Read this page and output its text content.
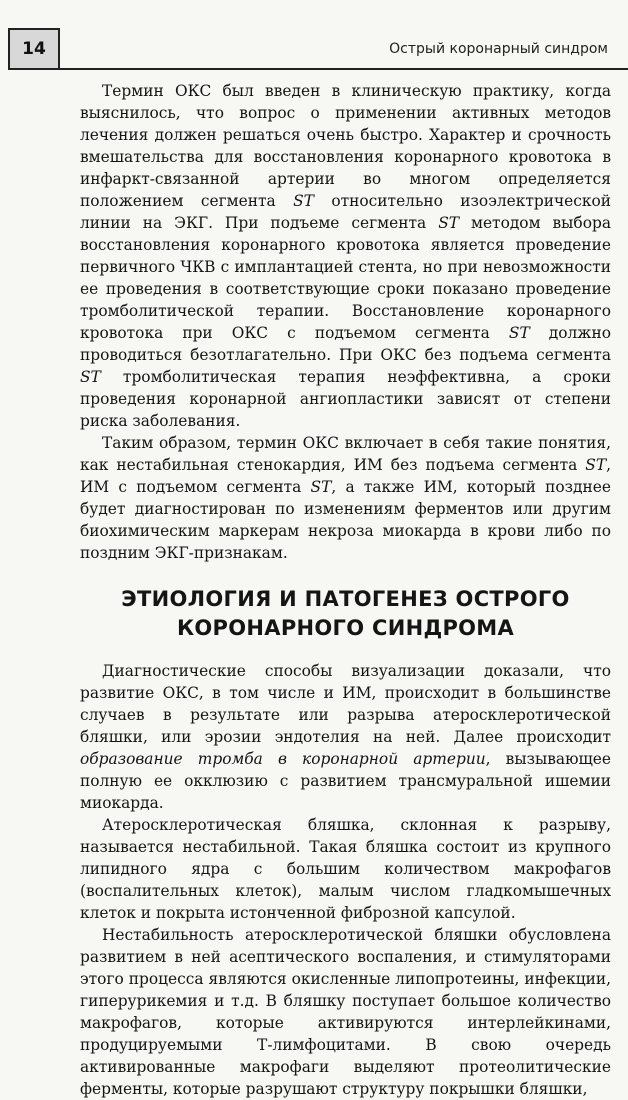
14	Острый коронарный синдром

Термин ОКС был введен в клиническую практику, когда выяснилось, что вопрос о применении активных методов лечения должен решаться очень быстро. Характер и срочность вмешательства для восстановления коронарного кровотока в инфаркт-связанной артерии во многом определяется положением сегмента ST относительно изоэлектрической линии на ЭКГ. При подъеме сегмента ST методом выбора восстановления коронарного кровотока является проведение первичного ЧКВ с имплантацией стента, но при невозможности ее проведения в соответствующие сроки показано проведение тромболитической терапии. Восстановление коронарного кровотока при ОКС с подъемом сегмента ST должно проводиться безотлагательно. При ОКС без подъема сегмента ST тромболитическая терапия неэффективна, а сроки проведения коронарной ангиопластики зависят от степени риска заболевания.

Таким образом, термин ОКС включает в себя такие понятия, как нестабильная стенокардия, ИМ без подъема сегмента ST, ИМ с подъемом сегмента ST, а также ИМ, который позднее будет диагностирован по изменениям ферментов или другим биохимическим маркерам некроза миокарда в крови либо по поздним ЭКГ-признакам.

ЭТИОЛОГИЯ И ПАТОГЕНЕЗ ОСТРОГО
КОРОНАРНОГО СИНДРОМА

Диагностические способы визуализации доказали, что развитие ОКС, в том числе и ИМ, происходит в большинстве случаев в результате или разрыва атеросклеротической бляшки, или эрозии эндотелия на ней. Далее происходит образование тромба в коронарной артерии, вызывающее полную ее окклюзию с развитием трансмуральной ишемии миокарда.

Атеросклеротическая бляшка, склонная к разрыву, называется нестабильной. Такая бляшка состоит из крупного липидного ядра с большим количеством макрофагов (воспалительных клеток), малым числом гладкомышечных клеток и покрыта истонченной фиброзной капсулой.

Нестабильность атеросклеротической бляшки обусловлена развитием в ней асептического воспаления, и стимуляторами этого процесса являются окисленные липопротеины, инфекции, гиперурикемия и т.д. В бляшку поступает большое количество макрофагов, которые активируются интерлейкинами, продуцируемыми Т-лимфоцитами. В свою очередь активированные макрофаги выделяют протеолитические ферменты, которые разрушают структуру покрышки бляшки,
